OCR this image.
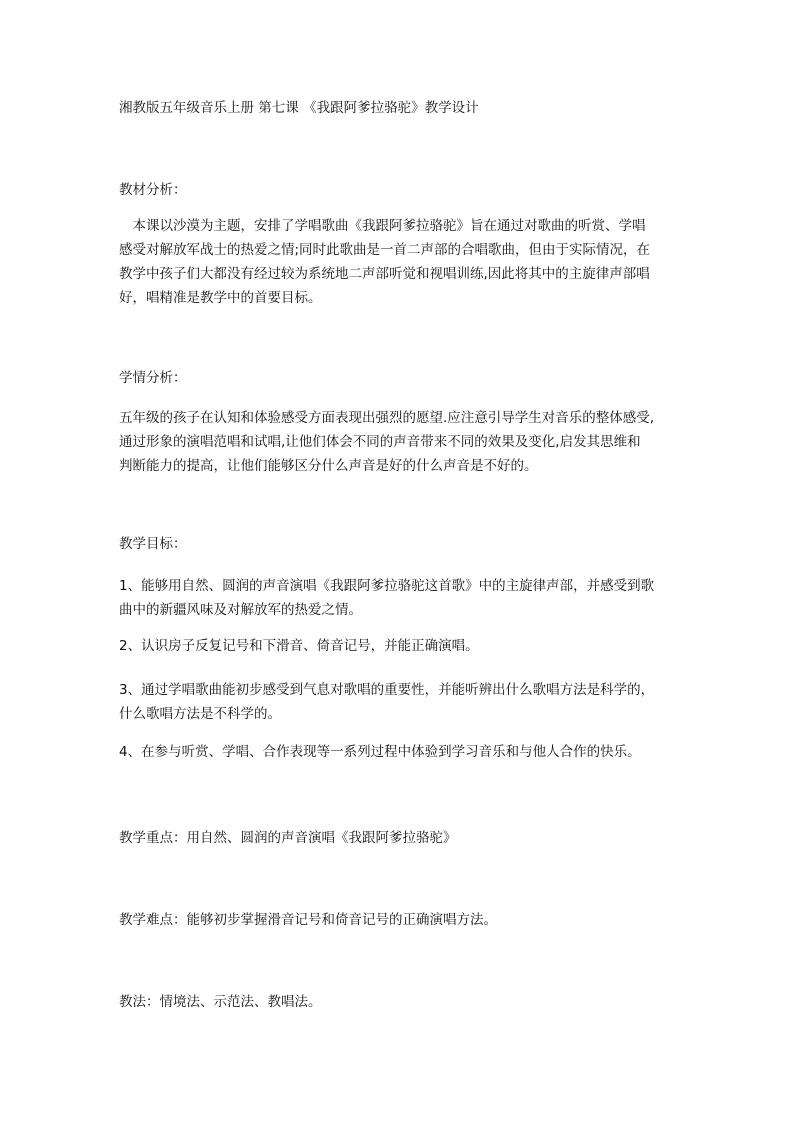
湘教版五年级音乐上册 第七课 《我跟阿爹拉骆驼》教学设计
教材分析：
　本课以沙漠为主题，安排了学唱歌曲《我跟阿爹拉骆驼》旨在通过对歌曲的听赏、学唱
感受对解放军战士的热爱之情;同时此歌曲是一首二声部的合唱歌曲，但由于实际情况，在
教学中孩子们大都没有经过较为系统地二声部听觉和视唱训练,因此将其中的主旋律声部唱
好，唱精准是教学中的首要目标。
学情分析：
五年级的孩子在认知和体验感受方面表现出强烈的愿望.应注意引导学生对音乐的整体感受,
通过形象的演唱范唱和试唱,让他们体会不同的声音带来不同的效果及变化,启发其思维和
判断能力的提高，让他们能够区分什么声音是好的什么声音是不好的。
教学目标：
1、能够用自然、圆润的声音演唱《我跟阿爹拉骆驼这首歌》中的主旋律声部，并感受到歌
曲中的新疆风味及对解放军的热爱之情。
2、认识房子反复记号和下滑音、倚音记号，并能正确演唱。
3、通过学唱歌曲能初步感受到气息对歌唱的重要性，并能听辨出什么歌唱方法是科学的，
什么歌唱方法是不科学的。
4、在参与听赏、学唱、合作表现等一系列过程中体验到学习音乐和与他人合作的快乐。
教学重点：用自然、圆润的声音演唱《我跟阿爹拉骆驼》
教学难点：能够初步掌握滑音记号和倚音记号的正确演唱方法。
教法：情境法、示范法、教唱法。
